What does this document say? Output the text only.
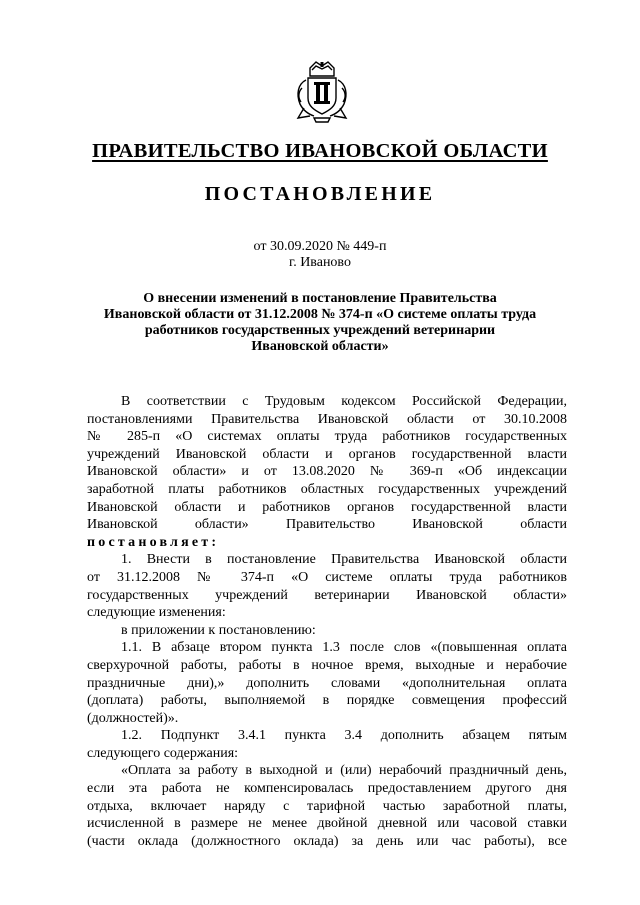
ПРАВИТЕЛЬСТВО ИВАНОВСКОЙ ОБЛАСТИ
ПОСТАНОВЛЕНИЕ
от 30.09.2020 № 449-п
г. Иваново
О внесении изменений в постановление Правительства
Ивановской области от 31.12.2008 № 374-п «О системе оплаты труда
работников государственных учреждений ветеринарии
Ивановской области»
В соответствии с Трудовым кодексом Российской Федерации,
постановлениями Правительства Ивановской области от 30.10.2008
№ 285-п «О системах оплаты труда работников государственных
учреждений Ивановской области и органов государственной власти
Ивановской области» и от 13.08.2020 № 369-п «Об индексации
заработной платы работников областных государственных учреждений
Ивановской области и работников органов государственной власти
Ивановской области» Правительство Ивановской области
постановляет:
1. Внести в постановление Правительства Ивановской области
от 31.12.2008 № 374-п «О системе оплаты труда работников
государственных учреждений ветеринарии Ивановской области»
следующие изменения:
в приложении к постановлению:
1.1. В абзаце втором пункта 1.3 после слов «(повышенная оплата
сверхурочной работы, работы в ночное время, выходные и нерабочие
праздничные дни),» дополнить словами «дополнительная оплата
(доплата) работы, выполняемой в порядке совмещения профессий
(должностей)».
1.2. Подпункт 3.4.1 пункта 3.4 дополнить абзацем пятым
следующего содержания:
«Оплата за работу в выходной и (или) нерабочий праздничный день,
если эта работа не компенсировалась предоставлением другого дня
отдыха, включает наряду с тарифной частью заработной платы,
исчисленной в размере не менее двойной дневной или часовой ставки
(части оклада (должностного оклада) за день или час работы), все
